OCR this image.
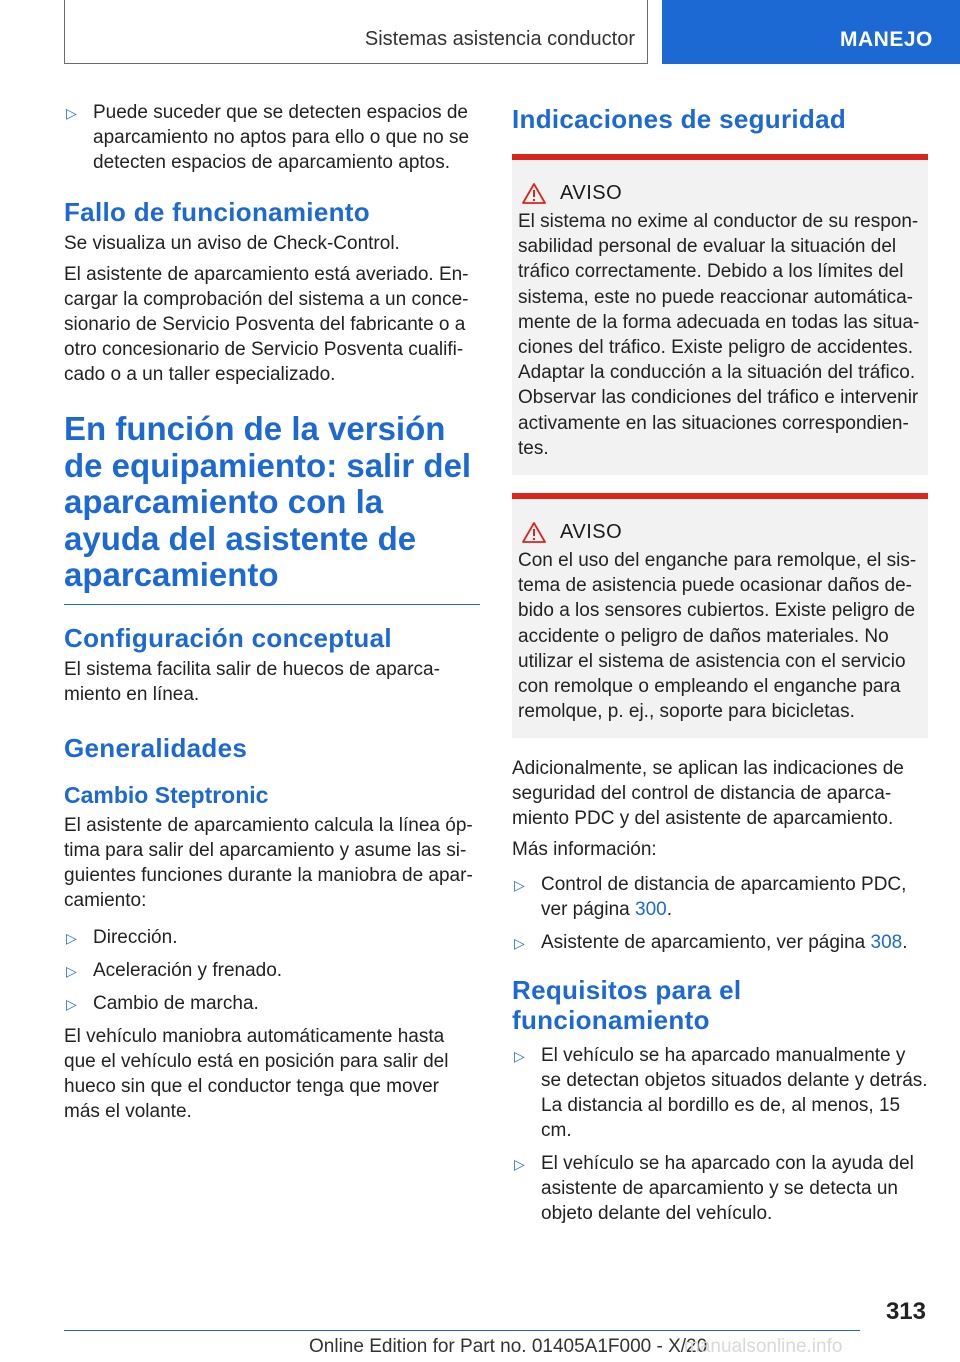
Sistemas asistencia conductor	MANEJO
▷ Puede suceder que se detecten espacios de aparcamiento no aptos para ello o que no se detecten espacios de aparcamiento aptos.
Fallo de funcionamiento

Se visualiza un aviso de Check-Control.

El asistente de aparcamiento está averiado. En-cargar la comprobación del sistema a un conce-sionario de Servicio Posventa del fabricante o a otro concesionario de Servicio Posventa cualifi-cado o a un taller especializado.

En función de la versión de equipamiento: salir del aparcamiento con la ayuda del asistente de aparcamiento
Configuración conceptual

El sistema facilita salir de huecos de aparca-miento en línea.

Generalidades
Cambio Steptronic

El asistente de aparcamiento calcula la línea óp-tima para salir del aparcamiento y asume las si-guientes funciones durante la maniobra de apar-camiento:

▷ Dirección.
▷ Aceleración y frenado.
▷ Cambio de marcha.

El vehículo maniobra automáticamente hasta que el vehículo está en posición para salir del hueco sin que el conductor tenga que mover más el volante.

Indicaciones de seguridad
AVISO

El sistema no exime al conductor de su respon-sabilidad personal de evaluar la situación del tráfico correctamente. Debido a los límites del sistema, este no puede reaccionar automática-mente de la forma adecuada en todas las situa-ciones del tráfico. Existe peligro de accidentes. Adaptar la conducción a la situación del tráfico. Observar las condiciones del tráfico e intervenir activamente en las situaciones correspondien-tes.

AVISO

Con el uso del enganche para remolque, el sis-tema de asistencia puede ocasionar daños de-bido a los sensores cubiertos. Existe peligro de accidente o peligro de daños materiales. No utilizar el sistema de asistencia con el servicio con remolque o empleando el enganche para remolque, p. ej., soporte para bicicletas.

Adicionalmente, se aplican las indicaciones de seguridad del control de distancia de aparca-miento PDC y del asistente de aparcamiento.

Más información:

▷ Control de distancia de aparcamiento PDC, ver página 300.
▷ Asistente de aparcamiento, ver página 308.
Requisitos para el funcionamiento
▷ El vehículo se ha aparcado manualmente y se detectan objetos situados delante y detrás. La distancia al bordillo es de, al menos, 15 cm.
▷ El vehículo se ha aparcado con la ayuda del asistente de aparcamiento y se detecta un objeto delante del vehículo.
313
Online Edition for Part no. 01405A1F000 - X/20
manualsonline.info
